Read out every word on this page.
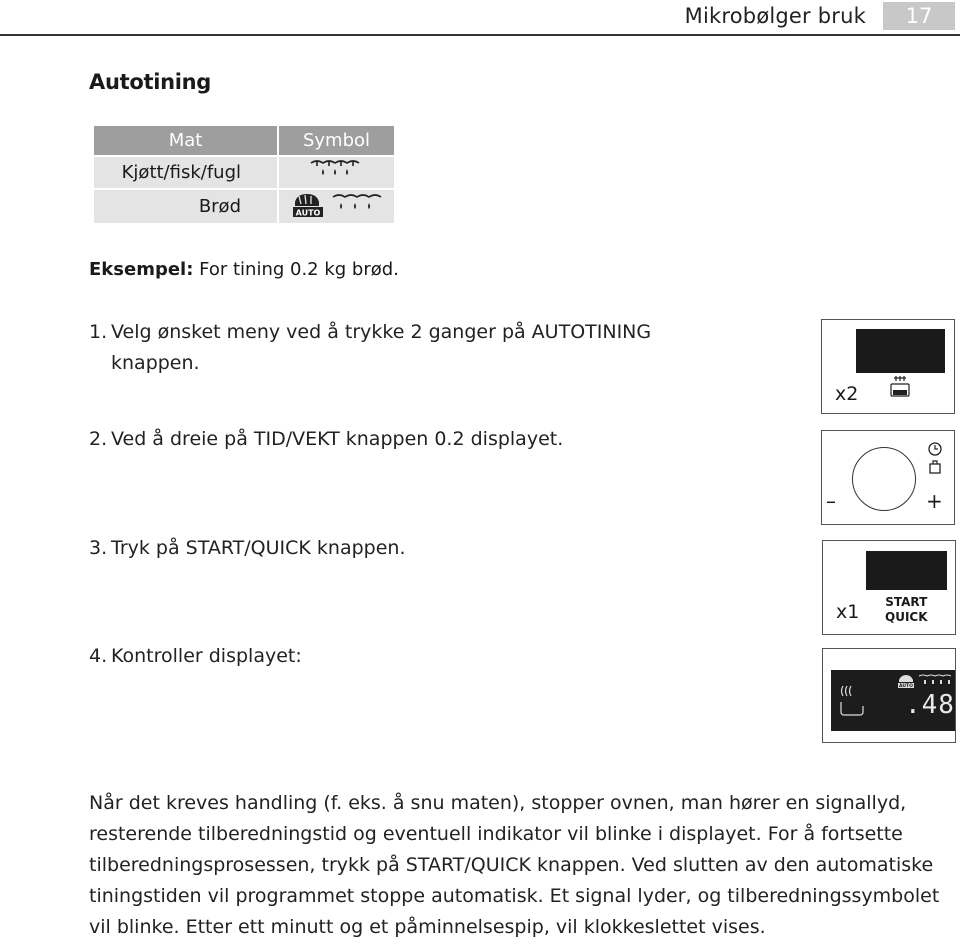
Mikrobølger bruk	17
Autotining
Mat	Symbol
Kjøtt/fisk/fugl	
Brød	AUTO
Eksempel: For tining 0.2 kg brød.
1. Velg ønsket meny ved å trykke 2 ganger på AUTOTINING
knappen.
2. Ved å dreie på TID/VEKT knappen 0.2 displayet.
3. Tryk på START/QUICK knappen.
4. Kontroller displayet:
x2
–	+
x1 START
QUICK
AUTO
.48
Når det kreves handling (f. eks. å snu maten), stopper ovnen, man hører en signallyd,
resterende tilberedningstid og eventuell indikator vil blinke i displayet. For å fortsette
tilberedningsprosessen, trykk på START/QUICK knappen. Ved slutten av den automatiske
tiningstiden vil programmet stoppe automatisk. Et signal lyder, og tilberedningssymbolet
vil blinke. Etter ett minutt og et påminnelsespip, vil klokkeslettet vises.
